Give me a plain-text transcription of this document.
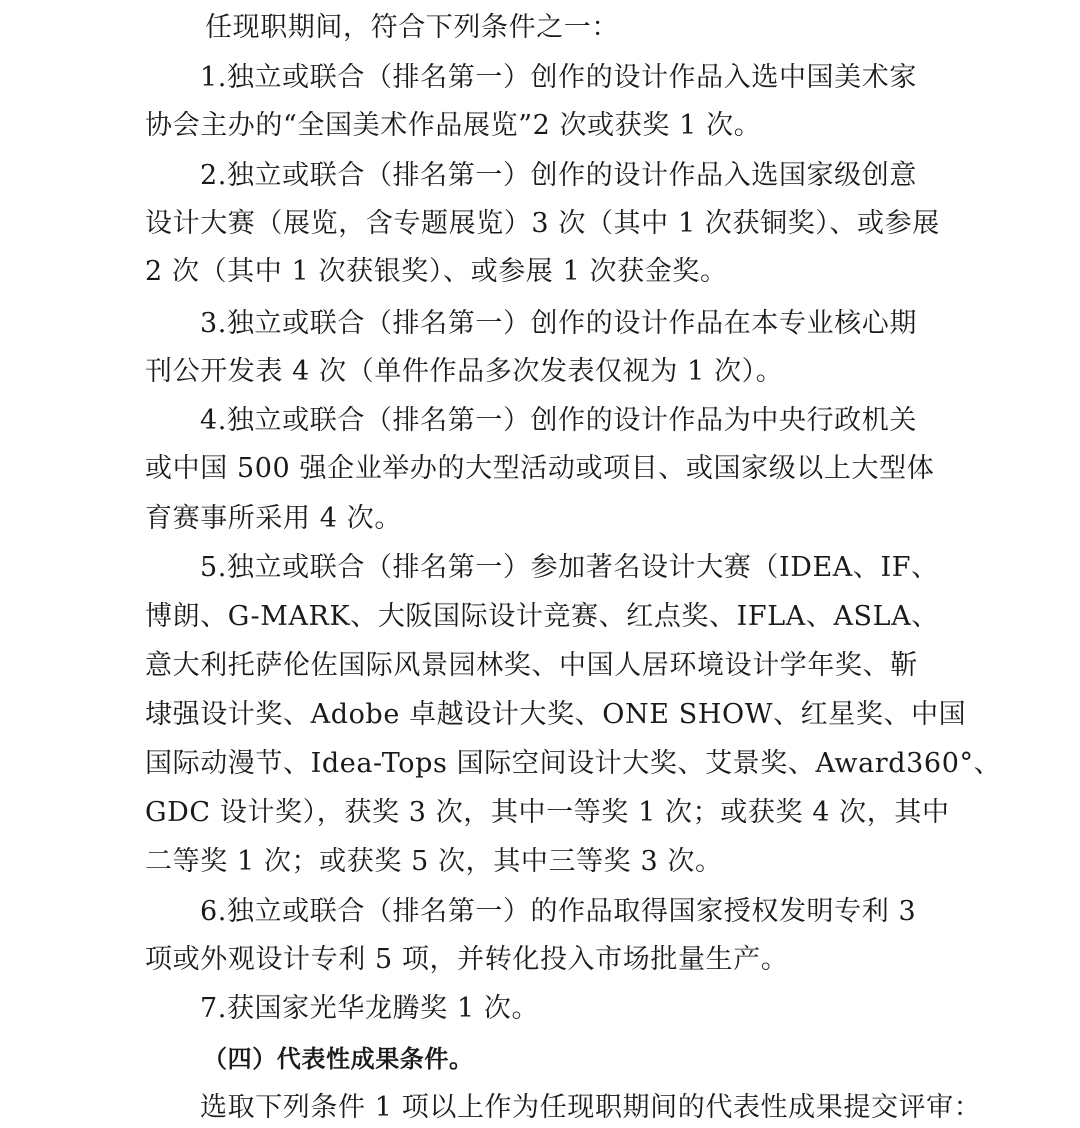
任现职期间，符合下列条件之一：
1.独立或联合（排名第一）创作的设计作品入选中国美术家
协会主办的“全国美术作品展览”2 次或获奖 1 次。
2.独立或联合（排名第一）创作的设计作品入选国家级创意
设计大赛（展览，含专题展览）3 次（其中 1 次获铜奖）、或参展
2 次（其中 1 次获银奖）、或参展 1 次获金奖。
3.独立或联合（排名第一）创作的设计作品在本专业核心期
刊公开发表 4 次（单件作品多次发表仅视为 1 次）。
4.独立或联合（排名第一）创作的设计作品为中央行政机关
或中国 500 强企业举办的大型活动或项目、或国家级以上大型体
育赛事所采用 4 次。
5.独立或联合（排名第一）参加著名设计大赛（IDEA、IF、
博朗、G-MARK、大阪国际设计竞赛、红点奖、IFLA、ASLA、
意大利托萨伦佐国际风景园林奖、中国人居环境设计学年奖、靳
埭强设计奖、Adobe 卓越设计大奖、ONE SHOW、红星奖、中国
国际动漫节、Idea-Tops 国际空间设计大奖、艾景奖、Award360°、
GDC 设计奖），获奖 3 次，其中一等奖 1 次；或获奖 4 次，其中
二等奖 1 次；或获奖 5 次，其中三等奖 3 次。
6.独立或联合（排名第一）的作品取得国家授权发明专利 3
项或外观设计专利 5 项，并转化投入市场批量生产。
7.获国家光华龙腾奖 1 次。
（四）代表性成果条件。
选取下列条件 1 项以上作为任现职期间的代表性成果提交评审：
